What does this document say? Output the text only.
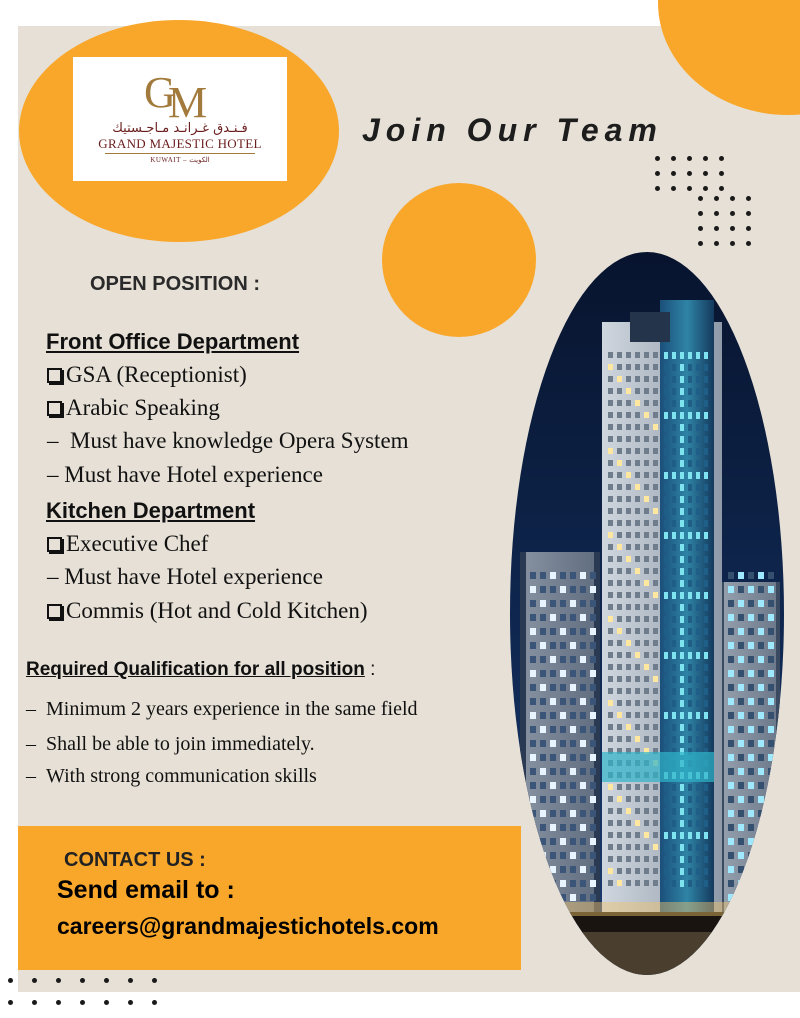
G
M
فـنـدق غـرانـد مـاجـستيك
GRAND MAJESTIC HOTEL
KUWAIT – الكويت
Join Our Team
OPEN POSITION :
Front Office Department
GSA (Receptionist)
Arabic Speaking
–  Must have knowledge Opera System
– Must have Hotel experience
Kitchen Department
Executive Chef
– Must have Hotel experience
Commis (Hot and Cold Kitchen)
Required Qualification for all position :
–  Minimum 2 years experience in the same field
–  Shall be able to join immediately.
–  With strong communication skills
CONTACT US :
Send email to :
careers@grandmajestichotels.com
